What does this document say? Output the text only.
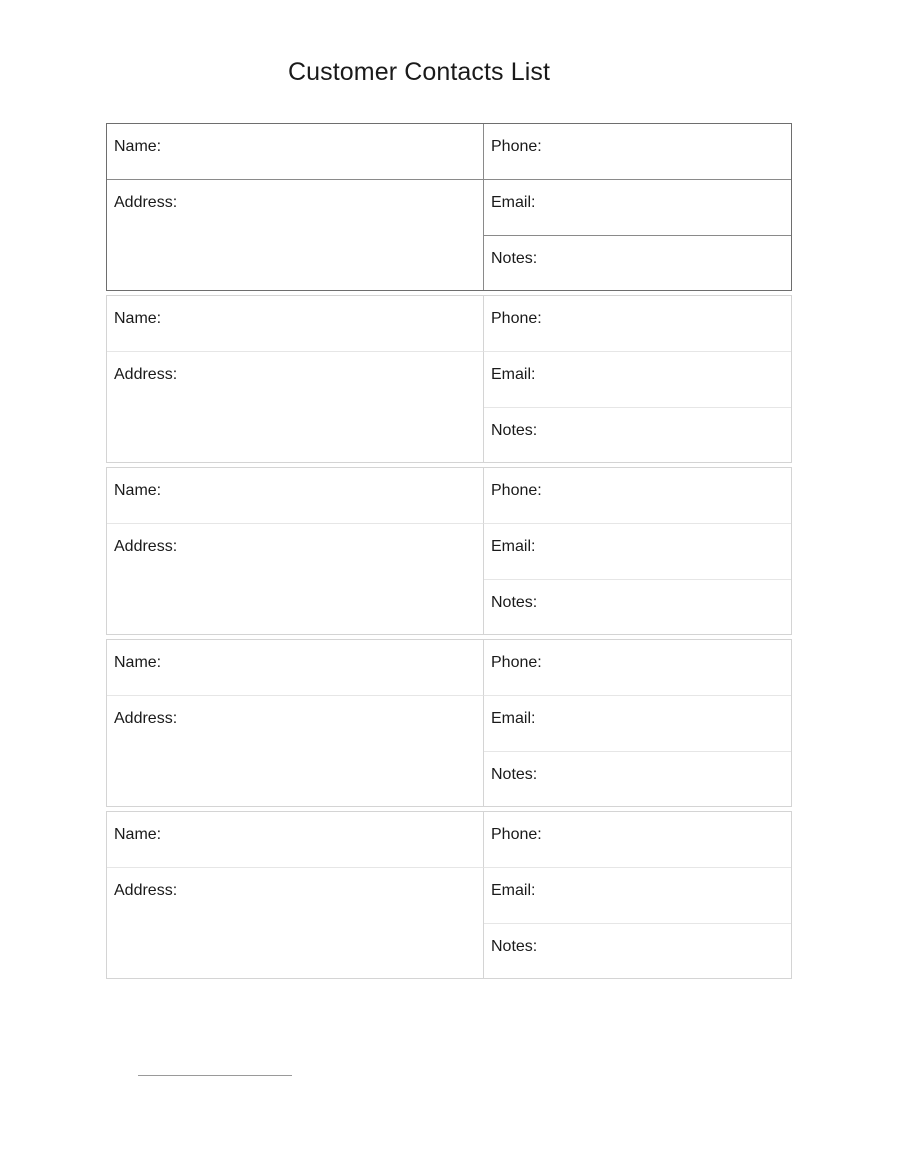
Customer Contacts List
Name:	Phone:
Address:	Email:
Notes:
Name:	Phone:
Address:	Email:
Notes:
Name:	Phone:
Address:	Email:
Notes:
Name:	Phone:
Address:	Email:
Notes:
Name:	Phone:
Address:	Email:
Notes:
